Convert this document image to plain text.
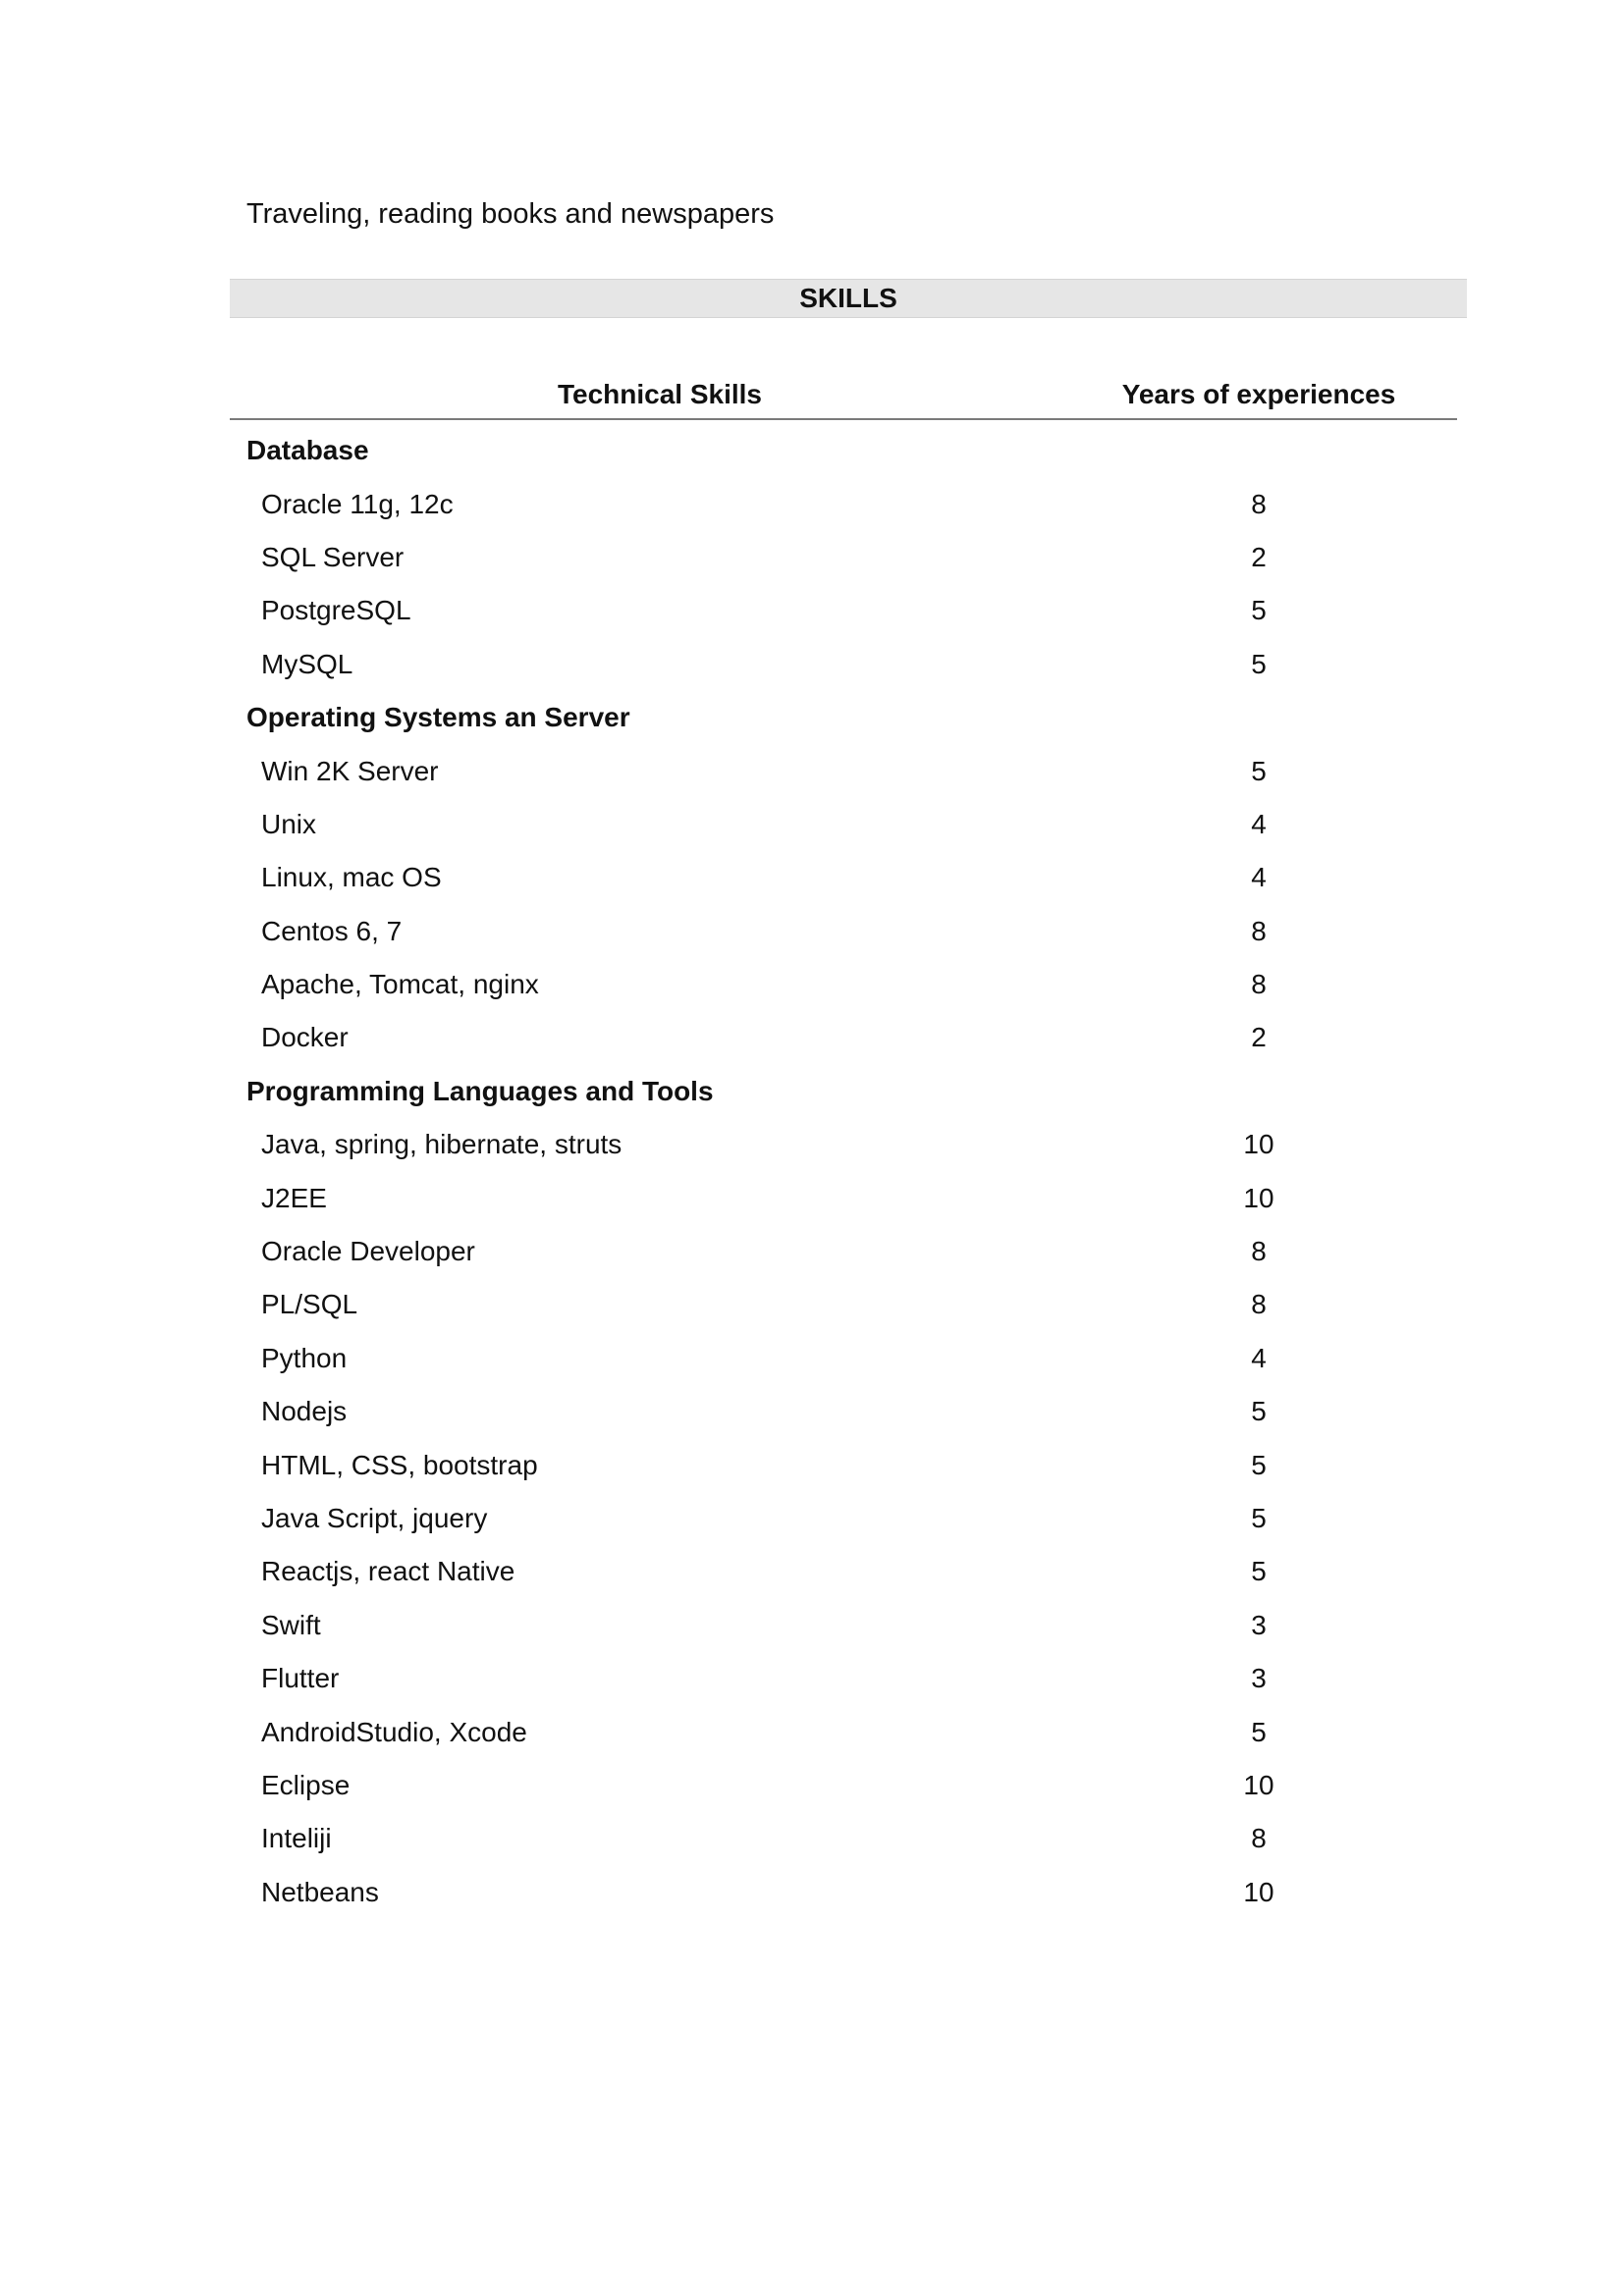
Traveling, reading books and newspapers
SKILLS
Technical Skills	Years of experiences
Database
Oracle 11g, 12c	8
SQL Server	2
PostgreSQL	5
MySQL	5
Operating Systems an Server
Win 2K Server	5
Unix	4
Linux, mac OS	4
Centos 6, 7	8
Apache, Tomcat, nginx	8
Docker	2
Programming Languages and Tools
Java, spring, hibernate, struts	10
J2EE	10
Oracle Developer	8
PL/SQL	8
Python	4
Nodejs	5
HTML, CSS, bootstrap	5
Java Script, jquery	5
Reactjs, react Native	5
Swift	3
Flutter	3
AndroidStudio, Xcode	5
Eclipse	10
Inteliji	8
Netbeans	10
